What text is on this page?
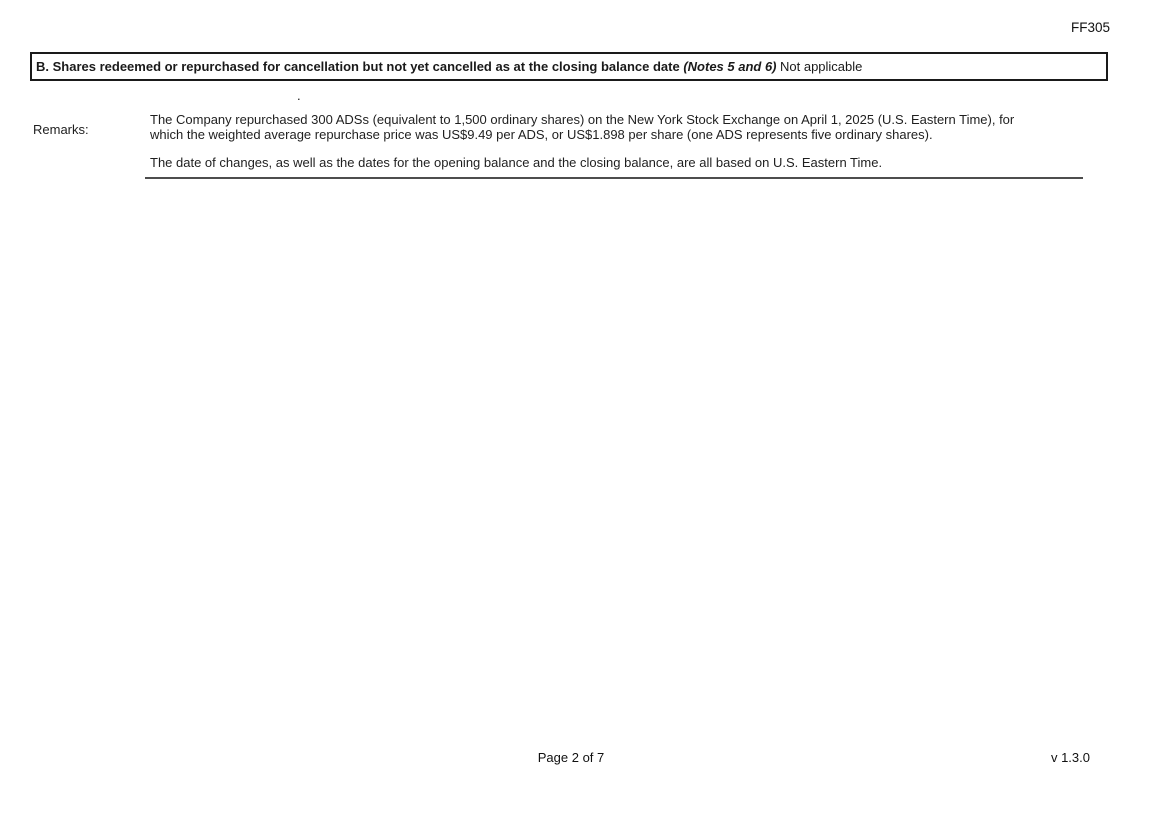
FF305
B. Shares redeemed or repurchased for cancellation but not yet cancelled as at the closing balance date (Notes 5 and 6) Not applicable
.
Remarks:
The Company repurchased 300 ADSs (equivalent to 1,500 ordinary shares) on the New York Stock Exchange on April 1, 2025 (U.S. Eastern Time), for which the weighted average repurchase price was US$9.49 per ADS, or US$1.898 per share (one ADS represents five ordinary shares).
The date of changes, as well as the dates for the opening balance and the closing balance, are all based on U.S. Eastern Time.
Page 2 of 7	v 1.3.0
